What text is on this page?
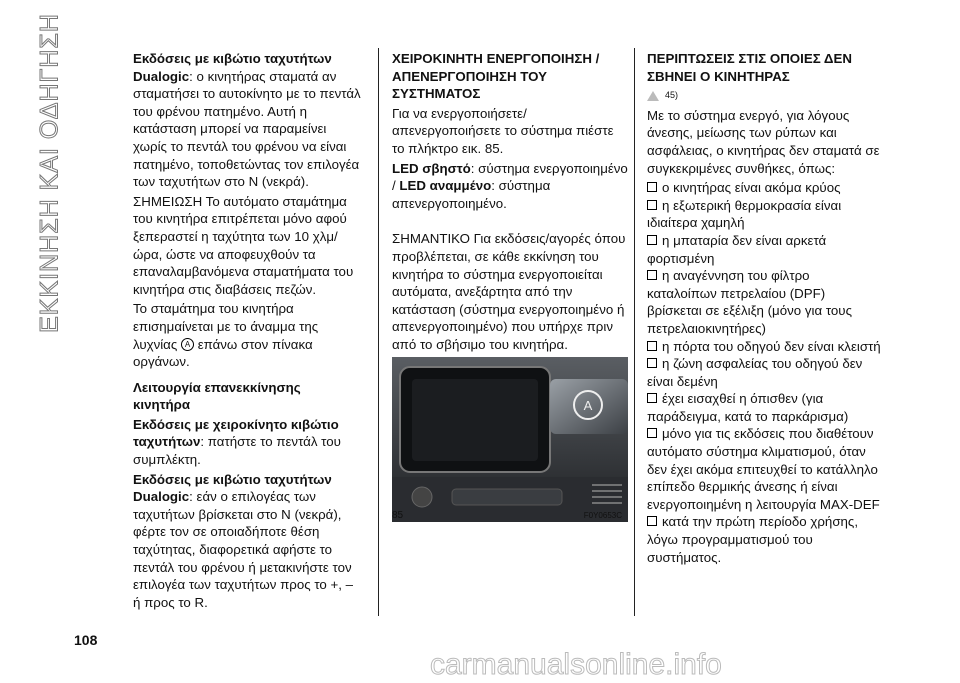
ΕΚΚΙΝΗΣΗ ΚΑΙ ΟΔΗΓΗΣΗ	Εκδόσεις με κιβώτιο ταχυτήτων Dualogic: ο κινητήρας σταματά αν σταματήσει το αυτοκίνητο με το πεντάλ του φρένου πατημένο. Αυτή η κατάσταση μπορεί να παραμείνει χωρίς το πεντάλ του φρένου να είναι πατημένο, τοποθετώντας τον επιλογέα των ταχυτήτων στο N (νεκρά).

ΣΗΜΕΙΩΣΗ Το αυτόματο σταμάτημα του κινητήρα επιτρέπεται μόνο αφού ξεπεραστεί η ταχύτητα των 10 χλμ/ώρα, ώστε να αποφευχθούν τα επαναλαμβανόμενα σταματήματα του κινητήρα στις διαβάσεις πεζών.

Το σταμάτημα του κινητήρα επισημαίνεται με το άναμμα της λυχνίας A επάνω στον πίνακα οργάνων.

Λειτουργία επανεκκίνησης κινητήρα

Εκδόσεις με χειροκίνητο κιβώτιο ταχυτήτων: πατήστε το πεντάλ του συμπλέκτη.

Εκδόσεις με κιβώτιο ταχυτήτων Dualogic: εάν ο επιλογέας των ταχυτήτων βρίσκεται στο N (νεκρά), φέρτε τον σε οποιαδήποτε θέση ταχύτητας, διαφορετικά αφήστε το πεντάλ του φρένου ή μετακινήστε τον επιλογέα των ταχυτήτων προς το +, – ή προς το R.

ΧΕΙΡΟΚΙΝΗΤΗ ΕΝΕΡΓΟΠΟΙΗΣΗ / ΑΠΕΝΕΡΓΟΠΟΙΗΣΗ ΤΟΥ ΣΥΣΤΗΜΑΤΟΣ

Για να ενεργοποιήσετε/απενεργοποιήσετε το σύστημα πιέστε το πλήκτρο εικ. 85.

LED σβηστό: σύστημα ενεργοποιημένο / LED αναμμένο: σύστημα απενεργοποιημένο.

ΣΗΜΑΝΤΙΚΟ Για εκδόσεις/αγορές όπου προβλέπεται, σε κάθε εκκίνηση του κινητήρα το σύστημα ενεργοποιείται αυτόματα, ανεξάρτητα από την κατάσταση (σύστημα ενεργοποιημένο ή απενεργοποιημένο) που υπήρχε πριν από το σβήσιμο του κινητήρα.

A
85	F0Y0653C

ΠΕΡΙΠΤΩΣΕΙΣ ΣΤΙΣ ΟΠΟΙΕΣ ΔΕΝ ΣΒΗΝΕΙ Ο ΚΙΝΗΤΗΡΑΣ

45)

Με το σύστημα ενεργό, για λόγους άνεσης, μείωσης των ρύπων και ασφάλειας, ο κινητήρας δεν σταματά σε συγκεκριμένες συνθήκες, όπως:

ο κινητήρας είναι ακόμα κρύος
η εξωτερική θερμοκρασία είναι ιδιαίτερα χαμηλή
η μπαταρία δεν είναι αρκετά φορτισμένη
η αναγέννηση του φίλτρο καταλοίπων πετρελαίου (DPF) βρίσκεται σε εξέλιξη (μόνο για τους πετρελαιοκινητήρες)
η πόρτα του οδηγού δεν είναι κλειστή
η ζώνη ασφαλείας του οδηγού δεν είναι δεμένη
έχει εισαχθεί η όπισθεν (για παράδειγμα, κατά το παρκάρισμα)
μόνο για τις εκδόσεις που διαθέτουν αυτόματο σύστημα κλιματισμού, όταν δεν έχει ακόμα επιτευχθεί το κατάλληλο επίπεδο θερμικής άνεσης ή είναι ενεργοποιημένη η λειτουργία MAX-DEF
κατά την πρώτη περίοδο χρήσης, λόγω προγραμματισμού του συστήματος.
108
carmanualsonline.info
